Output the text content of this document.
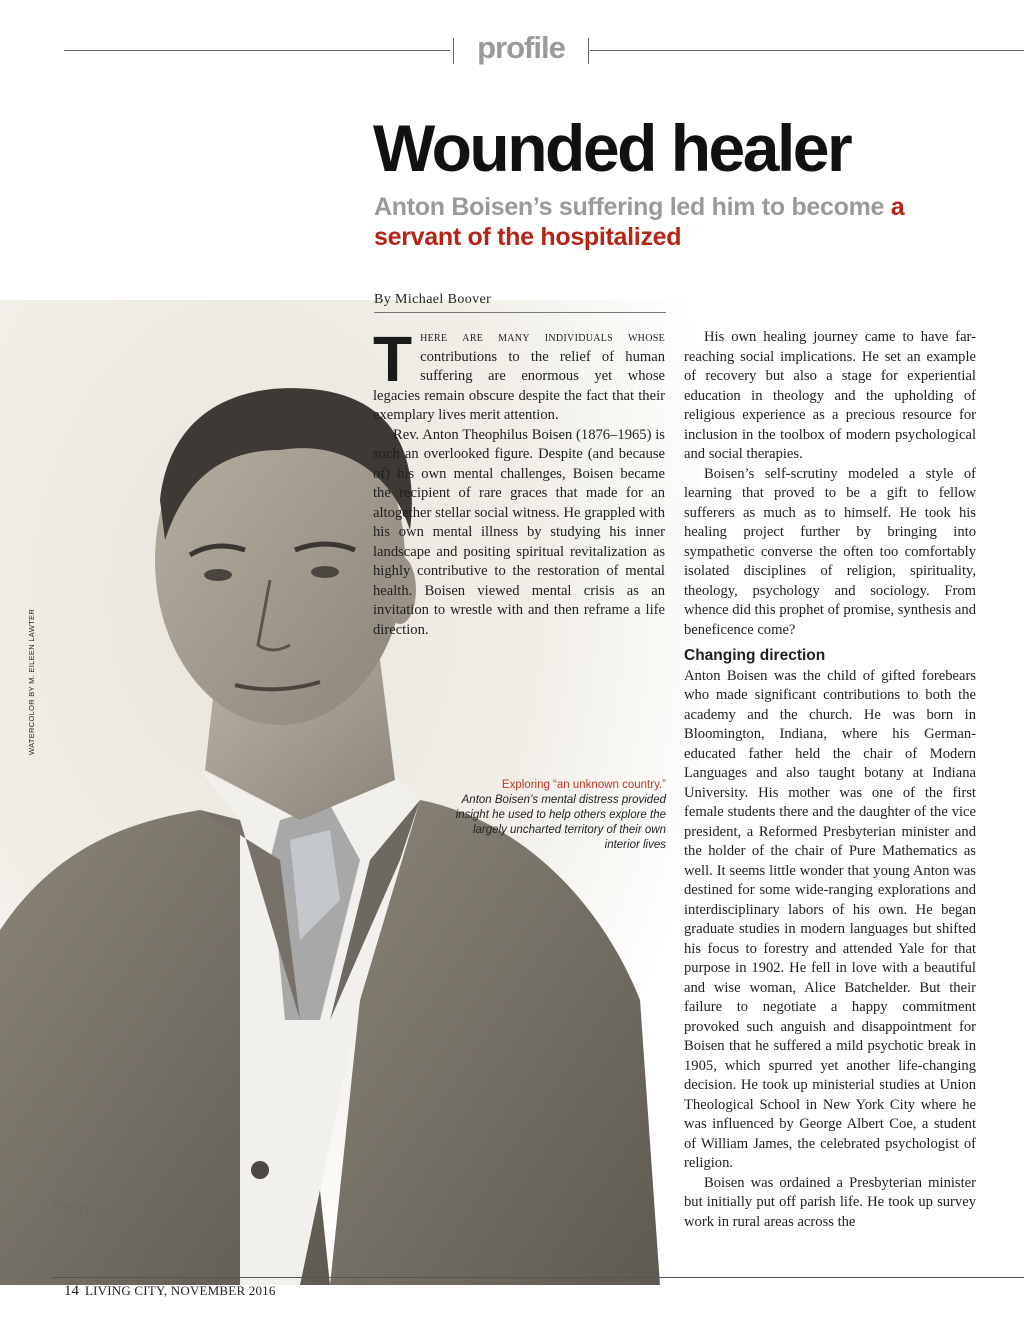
profile
WATERCOLOR BY M. EILEEN LAWTER
metal 2016
Exploring “an unknown country.”
Anton Boisen’s mental distress provided insight he used to help others explore the largely uncharted territory of their own interior lives
Wounded healer
Anton Boisen’s suffering led him to become a servant of the hospitalized
By Michael Boover

There are many individuals whose contributions to the relief of human suffering are enormous yet whose legacies remain obscure despite the fact that their exemplary lives merit attention.

Rev. Anton Theophilus Boisen (1876–1965) is such an overlooked figure. Despite (and because of) his own mental challenges, Boisen became the recipient of rare graces that made for an altogether stellar social witness. He grappled with his own mental illness by studying his inner landscape and positing spiritual revitalization as highly contributive to the restoration of mental health. Boisen viewed mental crisis as an invitation to wrestle with and then reframe a life direction.

His own healing journey came to have far-reaching social implications. He set an example of recovery but also a stage for experiential education in theology and the upholding of religious experience as a precious resource for inclusion in the toolbox of modern psychological and social therapies.

Boisen’s self-scrutiny modeled a style of learning that proved to be a gift to fellow sufferers as much as to himself. He took his healing project further by bringing into sympathetic converse the often too comfortably isolated disciplines of religion, spirituality, theology, psychology and sociology. From whence did this prophet of promise, synthesis and beneficence come?

Changing direction

Anton Boisen was the child of gifted forebears who made significant contributions to both the academy and the church. He was born in Bloomington, Indiana, where his German-educated father held the chair of Modern Languages and also taught botany at Indiana University. His mother was one of the first female students there and the daughter of the vice president, a Reformed Presbyterian minister and the holder of the chair of Pure Mathematics as well. It seems little wonder that young Anton was destined for some wide-ranging explorations and interdisciplinary labors of his own. He began graduate studies in modern languages but shifted his focus to forestry and attended Yale for that purpose in 1902. He fell in love with a beautiful and wise woman, Alice Batchelder. But their failure to negotiate a happy commitment provoked such anguish and disappointment for Boisen that he suffered a mild psychotic break in 1905, which spurred yet another life-changing decision. He took up ministerial studies at Union Theological School in New York City where he was influenced by George Albert Coe, a student of William James, the celebrated psychologist of religion.

Boisen was ordained a Presbyterian minister but initially put off parish life. He took up survey work in rural areas across the

14 LIVING CITY, NOVEMBER 2016
